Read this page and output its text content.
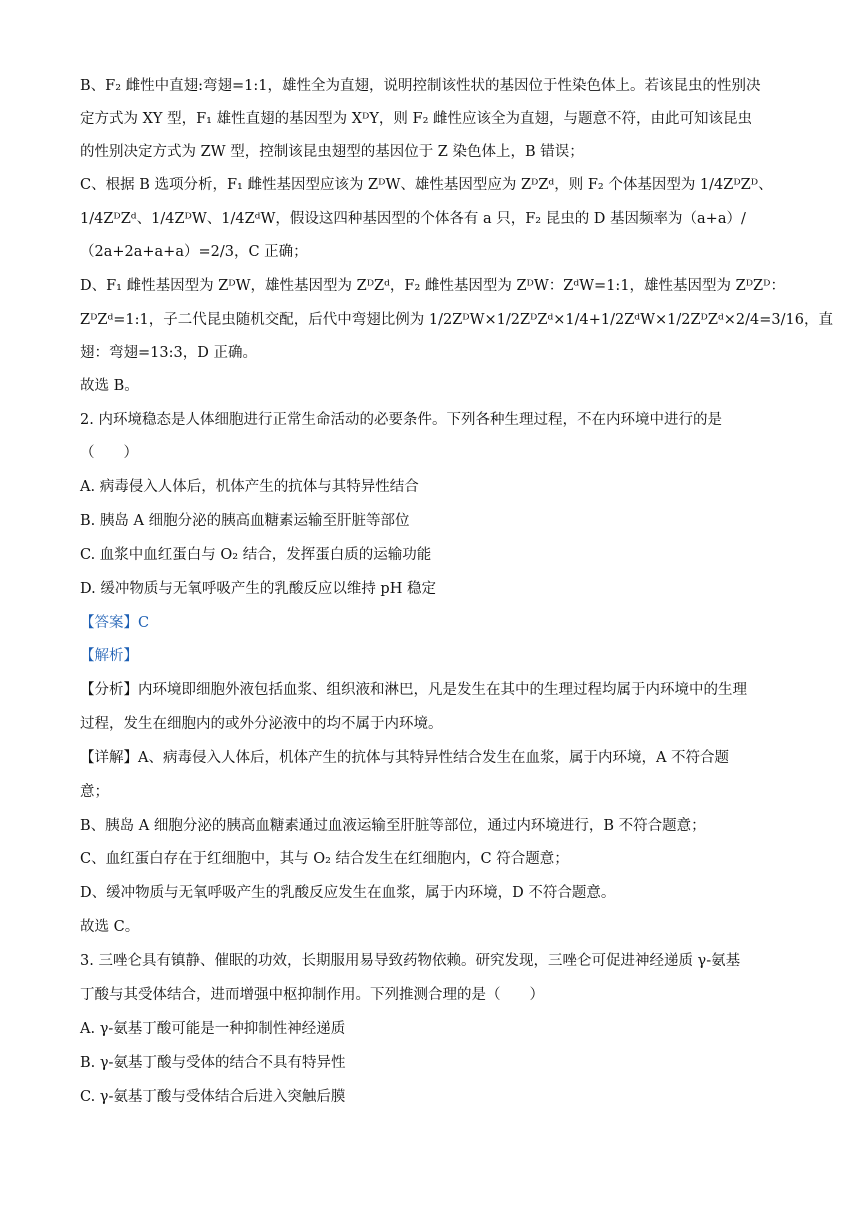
B、F₂ 雌性中直翅:弯翅=1:1，雄性全为直翅，说明控制该性状的基因位于性染色体上。若该昆虫的性别决
定方式为 XY 型，F₁ 雄性直翅的基因型为 XᴰY，则 F₂ 雌性应该全为直翅，与题意不符，由此可知该昆虫
的性别决定方式为 ZW 型，控制该昆虫翅型的基因位于 Z 染色体上，B 错误；
C、根据 B 选项分析，F₁ 雌性基因型应该为 ZᴰW、雄性基因型应为 ZᴰZᵈ，则 F₂ 个体基因型为 1/4ZᴰZᴰ、
1/4ZᴰZᵈ、1/4ZᴰW、1/4ZᵈW，假设这四种基因型的个体各有 a 只，F₂ 昆虫的 D 基因频率为（a+a）/
（2a+2a+a+a）=2/3，C 正确；
D、F₁ 雌性基因型为 ZᴰW，雄性基因型为 ZᴰZᵈ，F₂ 雌性基因型为 ZᴰW：ZᵈW=1:1，雄性基因型为 ZᴰZᴰ：
ZᴰZᵈ=1:1，子二代昆虫随机交配，后代中弯翅比例为 1/2ZᴰW×1/2ZᴰZᵈ×1/4+1/2ZᵈW×1/2ZᴰZᵈ×2/4=3/16，直
翅：弯翅=13:3，D 正确。
故选 B。
2. 内环境稳态是人体细胞进行正常生命活动的必要条件。下列各种生理过程，不在内环境中进行的是
（　　）
A. 病毒侵入人体后，机体产生的抗体与其特异性结合
B. 胰岛 A 细胞分泌的胰高血糖素运输至肝脏等部位
C. 血浆中血红蛋白与 O₂ 结合，发挥蛋白质的运输功能
D. 缓冲物质与无氧呼吸产生的乳酸反应以维持 pH 稳定
【答案】C
【解析】
【分析】内环境即细胞外液包括血浆、组织液和淋巴，凡是发生在其中的生理过程均属于内环境中的生理
过程，发生在细胞内的或外分泌液中的均不属于内环境。
【详解】A、病毒侵入人体后，机体产生的抗体与其特异性结合发生在血浆，属于内环境，A 不符合题
意；
B、胰岛 A 细胞分泌的胰高血糖素通过血液运输至肝脏等部位，通过内环境进行，B 不符合题意；
C、血红蛋白存在于红细胞中，其与 O₂ 结合发生在红细胞内，C 符合题意；
D、缓冲物质与无氧呼吸产生的乳酸反应发生在血浆，属于内环境，D 不符合题意。
故选 C。
3. 三唑仑具有镇静、催眠的功效，长期服用易导致药物依赖。研究发现，三唑仑可促进神经递质 γ-氨基
丁酸与其受体结合，进而增强中枢抑制作用。下列推测合理的是（　　）
A. γ-氨基丁酸可能是一种抑制性神经递质
B. γ-氨基丁酸与受体的结合不具有特异性
C. γ-氨基丁酸与受体结合后进入突触后膜
